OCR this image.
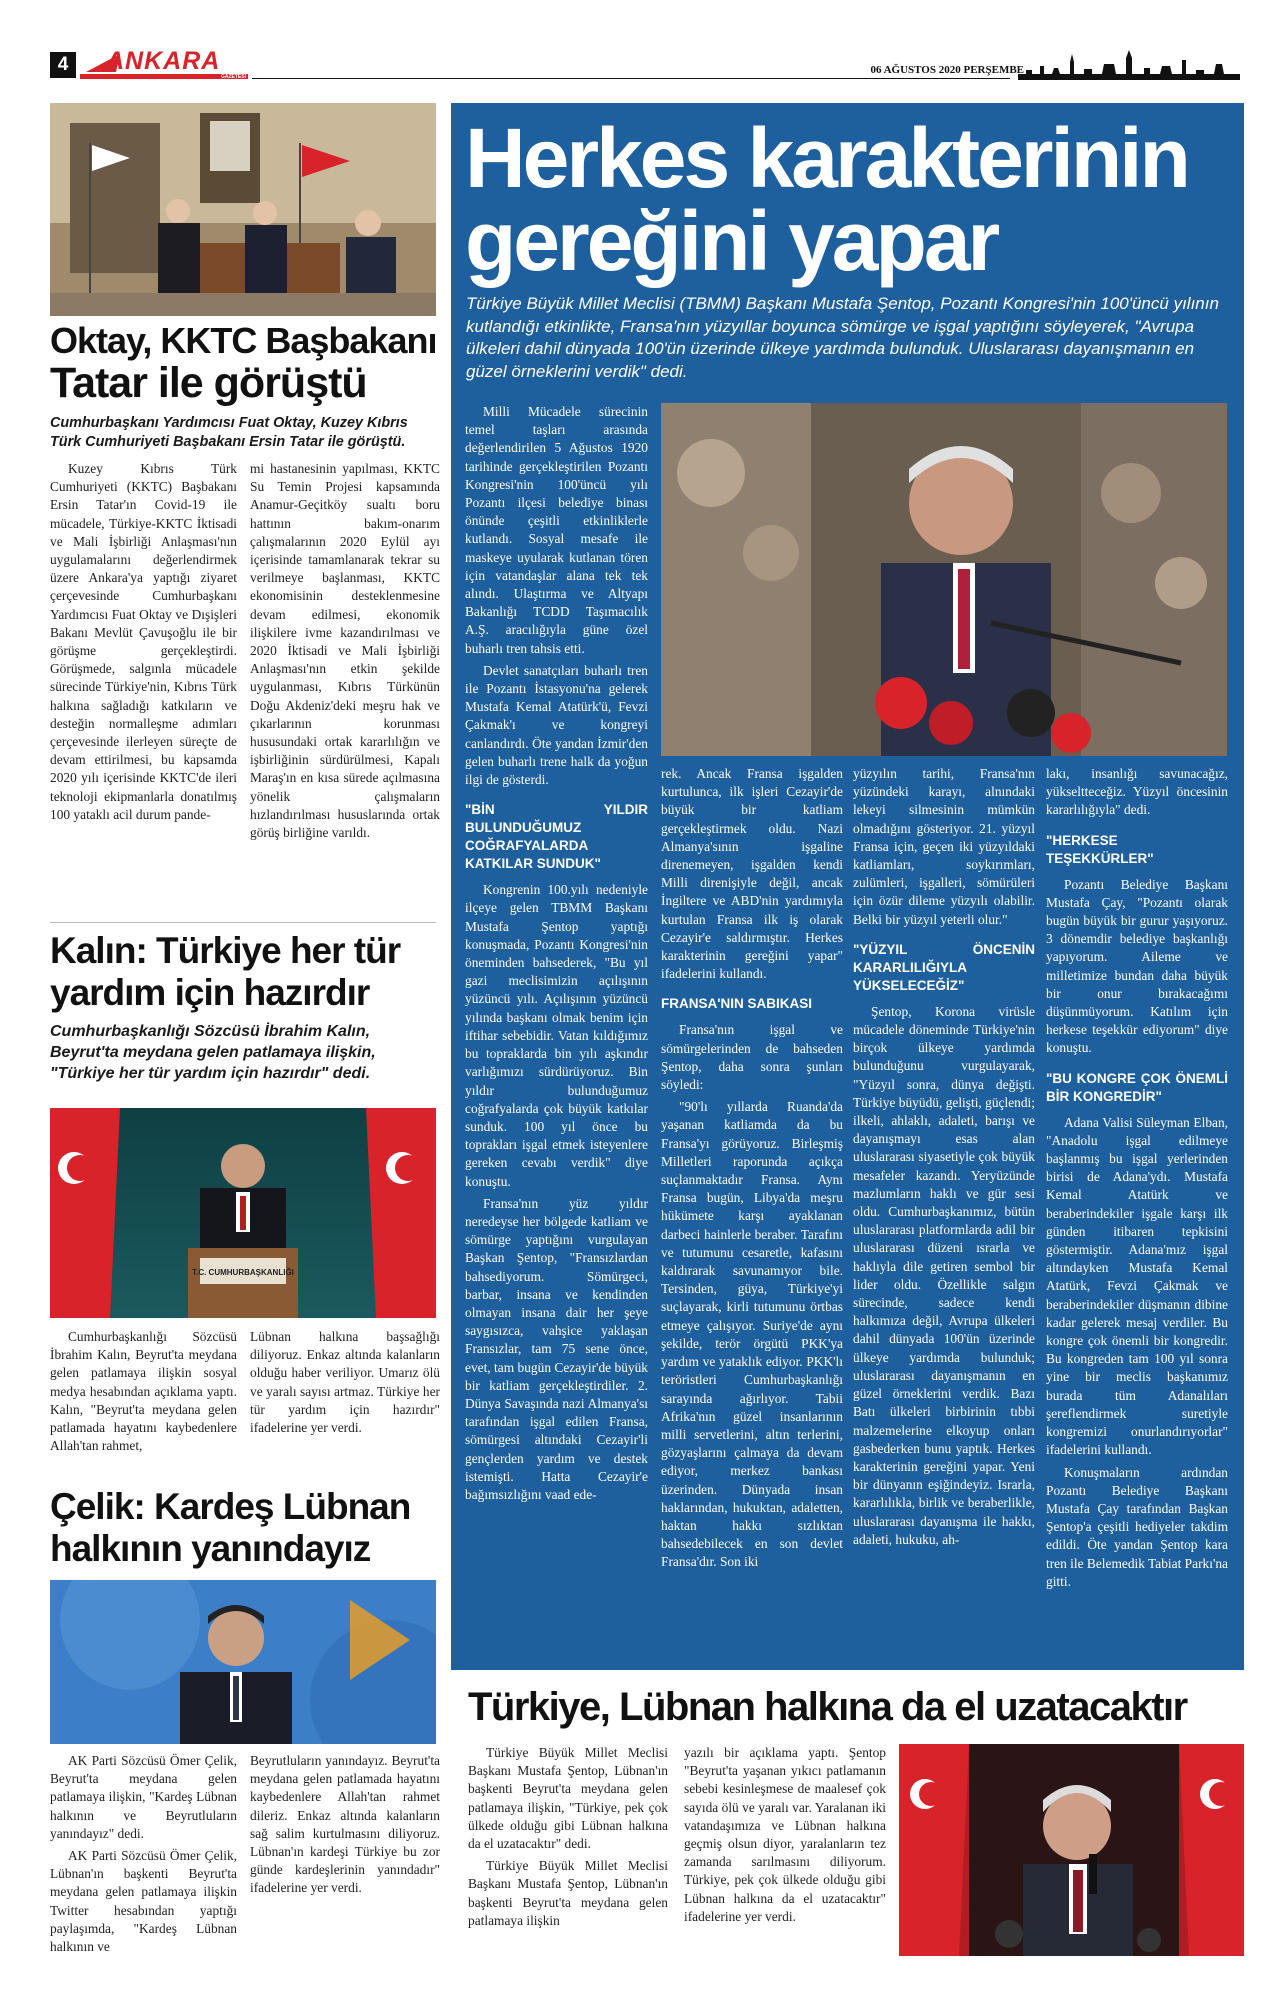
4	ANKARA
GAZETESİ
06 AĞUSTOS 2020 PERŞEMBE
Oktay, KKTC Başbakanı
Tatar ile görüştü
Cumhurbaşkanı Yardımcısı Fuat Oktay, Kuzey Kıbrıs Türk Cumhuriyeti Başbakanı Ersin Tatar ile görüştü.

Kuzey Kıbrıs Türk Cumhuriyeti (KKTC) Başbakanı Ersin Tatar'ın Covid-19 ile mücadele, Türkiye-KKTC İktisadi ve Mali İşbirliği Anlaşması'nın uygulamalarını değerlendirmek üzere Ankara'ya yaptığı ziyaret çerçevesinde Cumhurbaşkanı Yardımcısı Fuat Oktay ve Dışişleri Bakanı Mevlüt Çavuşoğlu ile bir görüşme gerçekleştirdi. Görüşmede, salgınla mücadele sürecinde Türkiye'nin, Kıbrıs Türk halkına sağladığı katkıların ve desteğin normalleşme adımları çerçevesinde ilerleyen süreçte de devam ettirilmesi, bu kapsamda 2020 yılı içerisinde KKTC'de ileri teknoloji ekipmanlarla donatılmış 100 yataklı acil durum pande-

mi hastanesinin yapılması, KKTC Su Temin Projesi kapsamında Anamur-Geçitköy sualtı boru hattının bakım-onarım çalışmalarının 2020 Eylül ayı içerisinde tamamlanarak tekrar su verilmeye başlanması, KKTC ekonomisinin desteklenmesine devam edilmesi, ekonomik ilişkilere ivme kazandırılması ve 2020 İktisadi ve Mali İşbirliği Anlaşması'nın etkin şekilde uygulanması, Kıbrıs Türkünün Doğu Akdeniz'deki meşru hak ve çıkarlarının korunması hususundaki ortak kararlılığın ve işbirliğinin sürdürülmesi, Kapalı Maraş'ın en kısa sürede açılmasına yönelik çalışmaların hızlandırılması hususlarında ortak görüş birliğine varıldı.

Kalın: Türkiye her tür
yardım için hazırdır
Cumhurbaşkanlığı Sözcüsü İbrahim Kalın, Beyrut'ta meydana gelen patlamaya ilişkin, "Türkiye her tür yardım için hazırdır" dedi.
T.C. CUMHURBAŞKANLIĞI

Cumhurbaşkanlığı Sözcüsü İbrahim Kalın, Beyrut'ta meydana gelen patlamaya ilişkin sosyal medya hesabından açıklama yaptı. Kalın, "Beyrut'ta meydana gelen patlamada hayatını kaybedenlere Allah'tan rahmet,

Lübnan halkına başsağlığı diliyoruz. Enkaz altında kalanların olduğu haber veriliyor. Umarız ölü ve yaralı sayısı artmaz. Türkiye her tür yardım için hazırdır" ifadelerine yer verdi.

Çelik: Kardeş Lübnan
halkının yanındayız

AK Parti Sözcüsü Ömer Çelik, Beyrut'ta meydana gelen patlamaya ilişkin, "Kardeş Lübnan halkının ve Beyrutluların yanındayız" dedi.

AK Parti Sözcüsü Ömer Çelik, Lübnan'ın başkenti Beyrut'ta meydana gelen patlamaya ilişkin Twitter hesabından yaptığı paylaşımda, "Kardeş Lübnan halkının ve

Beyrutluların yanındayız. Beyrut'ta meydana gelen patlamada hayatını kaybedenlere Allah'tan rahmet dileriz. Enkaz altında kalanların sağ salim kurtulmasını diliyoruz. Lübnan'ın kardeşi Türkiye bu zor günde kardeşlerinin yanındadır" ifadelerine yer verdi.

Herkes karakterinin
gereğini yapar
Türkiye Büyük Millet Meclisi (TBMM) Başkanı Mustafa Şentop, Pozantı Kongresi'nin 100'üncü yılının kutlandığı etkinlikte, Fransa'nın yüzyıllar boyunca sömürge ve işgal yaptığını söyleyerek, "Avrupa ülkeleri dahil dünyada 100'ün üzerinde ülkeye yardımda bulunduk. Uluslararası dayanışmanın en güzel örneklerini verdik" dedi.

Milli Mücadele sürecinin temel taşları arasında değerlendirilen 5 Ağustos 1920 tarihinde gerçekleştirilen Pozantı Kongresi'nin 100'üncü yılı Pozantı ilçesi belediye binası önünde çeşitli etkinliklerle kutlandı. Sosyal mesafe ile maskeye uyularak kutlanan tören için vatandaşlar alana tek tek alındı. Ulaştırma ve Altyapı Bakanlığı TCDD Taşımacılık A.Ş. aracılığıyla güne özel buharlı tren tahsis etti.

Devlet sanatçıları buharlı tren ile Pozantı İstasyonu'na gelerek Mustafa Kemal Atatürk'ü, Fevzi Çakmak'ı ve kongreyi canlandırdı. Öte yandan İzmir'den gelen buharlı trene halk da yoğun ilgi de gösterdi.

"BİN YILDIR BULUNDUĞUMUZ COĞRAFYALARDA KATKILAR SUNDUK"

Kongrenin 100.yılı nedeniyle ilçeye gelen TBMM Başkanı Mustafa Şentop yaptığı konuşmada, Pozantı Kongresi'nin öneminden bahsederek, "Bu yıl gazi meclisimizin açılışının yüzüncü yılı. Açılışının yüzüncü yılında başkanı olmak benim için iftihar sebebidir. Vatan kıldığımız bu topraklarda bin yılı aşkındır varlığımızı sürdürüyoruz. Bin yıldır bulunduğumuz coğrafyalarda çok büyük katkılar sunduk. 100 yıl önce bu toprakları işgal etmek isteyenlere gereken cevabı verdik" diye konuştu.

Fransa'nın yüz yıldır neredeyse her bölgede katliam ve sömürge yaptığını vurgulayan Başkan Şentop, "Fransızlardan bahsediyorum. Sömürgeci, barbar, insana ve kendinden olmayan insana dair her şeye saygısızca, vahşice yaklaşan Fransızlar, tam 75 sene önce, evet, tam bugün Cezayir'de büyük bir katliam gerçekleştirdiler. 2. Dünya Savaşında nazi Almanya'sı tarafından işgal edilen Fransa, sömürgesi altındaki Cezayir'li gençlerden yardım ve destek istemişti. Hatta Cezayir'e bağımsızlığını vaad ede-

rek. Ancak Fransa işgalden kurtulunca, ilk işleri Cezayir'de büyük bir katliam gerçekleştirmek oldu. Nazi Almanya'sının işgaline direnemeyen, işgalden kendi Milli direnişiyle değil, ancak İngiltere ve ABD'nin yardımıyla kurtulan Fransa ilk iş olarak Cezayir'e saldırmıştır. Herkes karakterinin gereğini yapar" ifadelerini kullandı.

FRANSA'NIN SABIKASI

Fransa'nın işgal ve sömürgelerinden de bahseden Şentop, daha sonra şunları söyledi:

"90'lı yıllarda Ruanda'da yaşanan katliamda da bu Fransa'yı görüyoruz. Birleşmiş Milletleri raporunda açıkça suçlanmaktadır Fransa. Aynı Fransa bugün, Libya'da meşru hükümete karşı ayaklanan darbeci hainlerle beraber. Tarafını ve tutumunu cesaretle, kafasını kaldırarak savunamıyor bile. Tersinden, güya, Türkiye'yi suçlayarak, kirli tutumunu örtbas etmeye çalışıyor. Suriye'de aynı şekilde, terör örgütü PKK'ya yardım ve yataklık ediyor. PKK'lı teröristleri Cumhurbaşkanlığı sarayında ağırlıyor. Tabii Afrika'nın güzel insanlarının milli servetlerini, altın terlerini, gözyaşlarını çalmaya da devam ediyor, merkez bankası üzerinden. Dünyada insan haklarından, hukuktan, adaletten, haktan hakkı sızlıktan bahsedebilecek en son devlet Fransa'dır. Son iki

yüzyılın tarihi, Fransa'nın yüzündeki karayı, alnındaki lekeyi silmesinin mümkün olmadığını gösteriyor. 21. yüzyıl Fransa için, geçen iki yüzyıldaki katliamları, soykırımları, zulümleri, işgalleri, sömürüleri için özür dileme yüzyılı olabilir. Belki bir yüzyıl yeterli olur."

"YÜZYIL ÖNCENİN KARARLILIĞIYLA YÜKSELECEĞİZ"

Şentop, Korona virüsle mücadele döneminde Türkiye'nin birçok ülkeye yardımda bulunduğunu vurgulayarak, "Yüzyıl sonra, dünya değişti. Türkiye büyüdü, gelişti, güçlendi; ilkeli, ahlaklı, adaleti, barışı ve dayanışmayı esas alan uluslararası siyasetiyle çok büyük mesafeler kazandı. Yeryüzünde mazlumların haklı ve gür sesi oldu. Cumhurbaşkanımız, bütün uluslararası platformlarda adil bir uluslararası düzeni ısrarla ve haklıyla dile getiren sembol bir lider oldu. Özellikle salgın sürecinde, sadece kendi halkımıza değil, Avrupa ülkeleri dahil dünyada 100'ün üzerinde ülkeye yardımda bulunduk; uluslararası dayanışmanın en güzel örneklerini verdik. Bazı Batı ülkeleri birbirinin tıbbi malzemelerine elkoyup onları gasbederken bunu yaptık. Herkes karakterinin gereğini yapar. Yeni bir dünyanın eşiğindeyiz. Israrla, kararlılıkla, birlik ve beraberlikle, uluslararası dayanışma ile hakkı, adaleti, hukuku, ah-

lakı, insanlığı savunacağız, yükseltteceğiz. Yüzyıl öncesinin kararlılığıyla" dedi.

"HERKESE TEŞEKKÜRLER"

Pozantı Belediye Başkanı Mustafa Çay, "Pozantı olarak bugün büyük bir gurur yaşıyoruz. 3 dönemdir belediye başkanlığı yapıyorum. Aileme ve milletimize bundan daha büyük bir onur bırakacağımı düşünmüyorum. Katılım için herkese teşekkür ediyorum" diye konuştu.

"BU KONGRE ÇOK ÖNEMLİ BİR KONGREDİR"

Adana Valisi Süleyman Elban, "Anadolu işgal edilmeye başlanmış bu işgal yerlerinden birisi de Adana'ydı. Mustafa Kemal Atatürk ve beraberindekiler işgale karşı ilk günden itibaren tepkisini göstermiştir. Adana'mız işgal altındayken Mustafa Kemal Atatürk, Fevzi Çakmak ve beraberindekiler düşmanın dibine kadar gelerek mesaj verdiler. Bu kongre çok önemli bir kongredir. Bu kongreden tam 100 yıl sonra yine bir meclis başkanımız burada tüm Adanalıları şereflendirmek suretiyle kongremizi onurlandırıyorlar" ifadelerini kullandı.

Konuşmaların ardından Pozantı Belediye Başkanı Mustafa Çay tarafından Başkan Şentop'a çeşitli hediyeler takdim edildi. Öte yandan Şentop kara tren ile Belemedik Tabiat Parkı'na gitti.

Türkiye, Lübnan halkına da el uzatacaktır

Türkiye Büyük Millet Meclisi Başkanı Mustafa Şentop, Lübnan'ın başkenti Beyrut'ta meydana gelen patlamaya ilişkin, "Türkiye, pek çok ülkede olduğu gibi Lübnan halkına da el uzatacaktır" dedi.

Türkiye Büyük Millet Meclisi Başkanı Mustafa Şentop, Lübnan'ın başkenti Beyrut'ta meydana gelen patlamaya ilişkin

yazılı bir açıklama yaptı. Şentop "Beyrut'ta yaşanan yıkıcı patlamanın sebebi kesinleşmese de maalesef çok sayıda ölü ve yaralı var. Yaralanan iki vatandaşımıza ve Lübnan halkına geçmiş olsun diyor, yaralanların tez zamanda sarılmasını diliyorum. Türkiye, pek çok ülkede olduğu gibi Lübnan halkına da el uzatacaktır" ifadelerine yer verdi.
